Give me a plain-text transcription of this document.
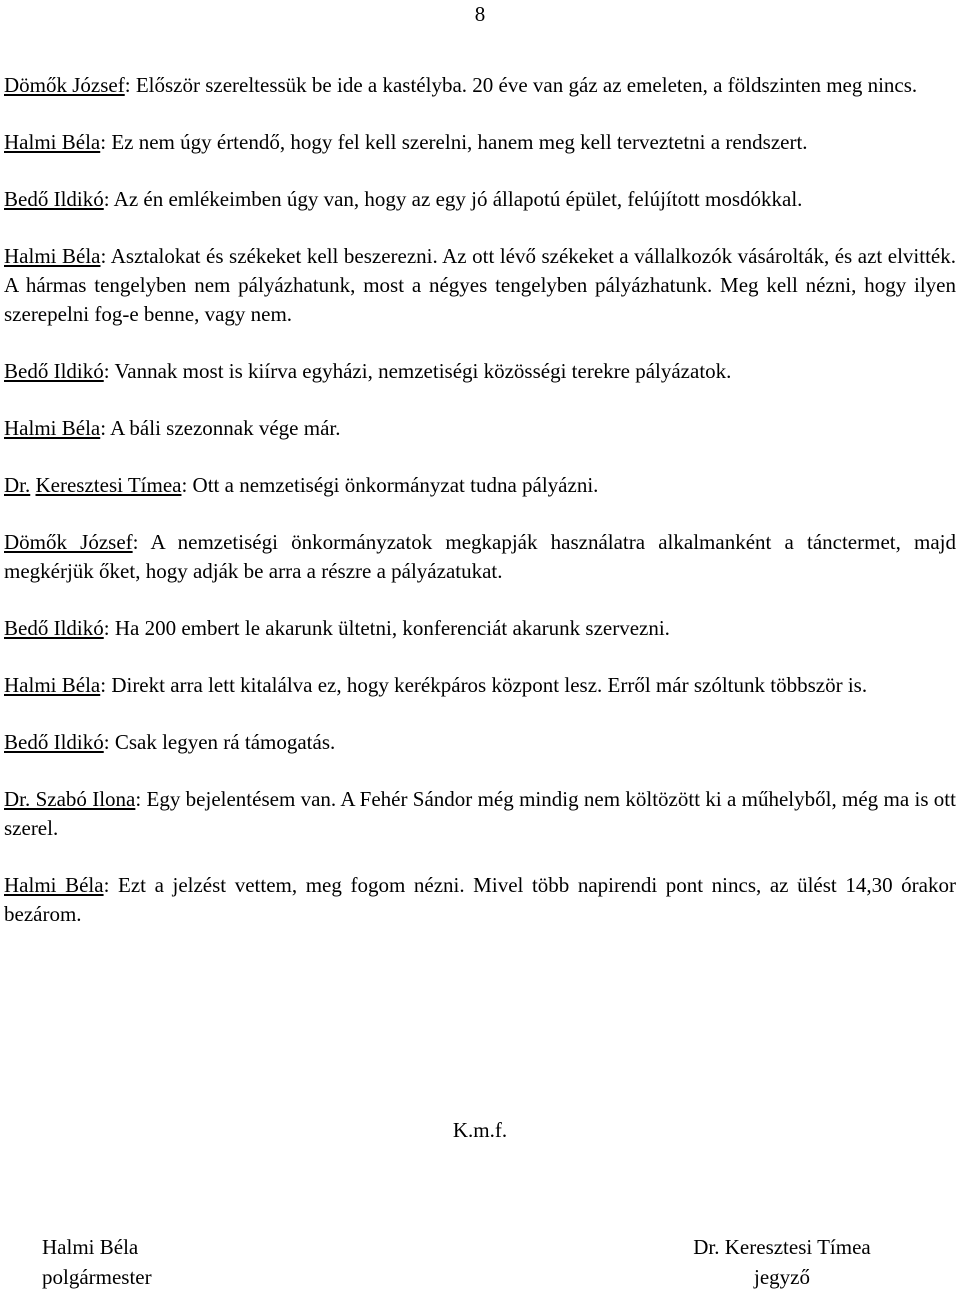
8

Dömők József: Először szereltessük be ide a kastélyba. 20 éve van gáz az emeleten, a földszinten meg nincs.

Halmi Béla: Ez nem úgy értendő, hogy fel kell szerelni, hanem meg kell terveztetni a rendszert.

Bedő Ildikó: Az én emlékeimben úgy van, hogy az egy jó állapotú épület, felújított mosdókkal.

Halmi Béla: Asztalokat és székeket kell beszerezni. Az ott lévő székeket a vállalkozók vásárolták, és azt elvitték. A hármas tengelyben nem pályázhatunk, most a négyes tengelyben pályázhatunk. Meg kell nézni, hogy ilyen szerepelni fog-e benne, vagy nem.

Bedő Ildikó: Vannak most is kiírva egyházi, nemzetiségi közösségi terekre pályázatok.

Halmi Béla: A báli szezonnak vége már.

Dr. Keresztesi Tímea: Ott a nemzetiségi önkormányzat tudna pályázni.

Dömők József: A nemzetiségi önkormányzatok megkapják használatra alkalmanként a tánctermet, majd megkérjük őket, hogy adják be arra a részre a pályázatukat.

Bedő Ildikó: Ha 200 embert le akarunk ültetni, konferenciát akarunk szervezni.

Halmi Béla: Direkt arra lett kitalálva ez, hogy kerékpáros központ lesz. Erről már szóltunk többször is.

Bedő Ildikó: Csak legyen rá támogatás.

Dr. Szabó Ilona: Egy bejelentésem van. A Fehér Sándor még mindig nem költözött ki a műhelyből, még ma is ott szerel.

Halmi Béla: Ezt a jelzést vettem, meg fogom nézni. Mivel több napirendi pont nincs, az ülést 14,30 órakor bezárom.

K.m.f.
Halmi Béla
polgármester
Dr. Keresztesi Tímea
jegyző
